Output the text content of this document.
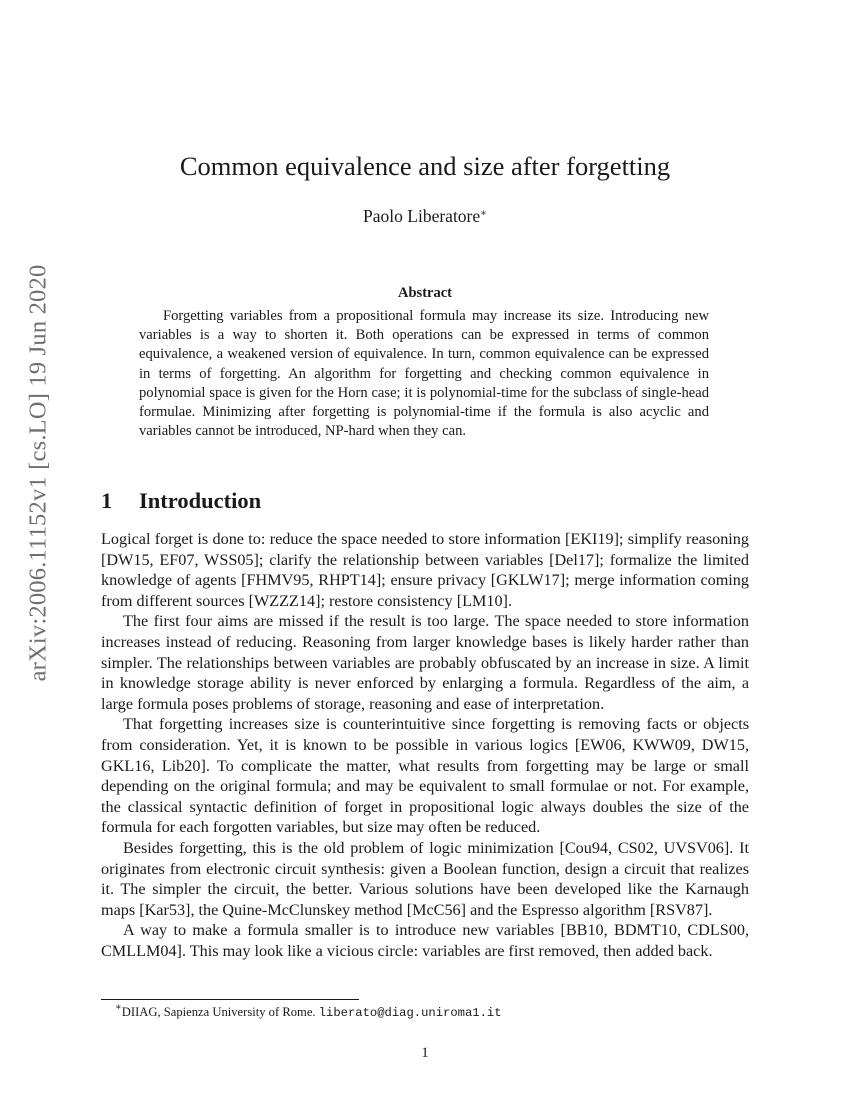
arXiv:2006.11152v1 [cs.LO] 19 Jun 2020
Common equivalence and size after forgetting
Paolo Liberatore∗
Abstract

Forgetting variables from a propositional formula may increase its size. Introducing new variables is a way to shorten it. Both operations can be expressed in terms of common equivalence, a weakened version of equivalence. In turn, common equivalence can be expressed in terms of forgetting. An algorithm for forgetting and checking common equivalence in polynomial space is given for the Horn case; it is polynomial-time for the subclass of single-head formulae. Minimizing after forgetting is polynomial-time if the formula is also acyclic and variables cannot be introduced, NP-hard when they can.

1 Introduction

Logical forget is done to: reduce the space needed to store information [EKI19]; simplify reasoning [DW15, EF07, WSS05]; clarify the relationship between variables [Del17]; formalize the limited knowledge of agents [FHMV95, RHPT14]; ensure privacy [GKLW17]; merge information coming from different sources [WZZZ14]; restore consistency [LM10].

The first four aims are missed if the result is too large. The space needed to store information increases instead of reducing. Reasoning from larger knowledge bases is likely harder rather than simpler. The relationships between variables are probably obfuscated by an increase in size. A limit in knowledge storage ability is never enforced by enlarging a formula. Regardless of the aim, a large formula poses problems of storage, reasoning and ease of interpretation.

That forgetting increases size is counterintuitive since forgetting is removing facts or objects from consideration. Yet, it is known to be possible in various logics [EW06, KWW09, DW15, GKL16, Lib20]. To complicate the matter, what results from forgetting may be large or small depending on the original formula; and may be equivalent to small formulae or not. For example, the classical syntactic definition of forget in propositional logic always doubles the size of the formula for each forgotten variables, but size may often be reduced.

Besides forgetting, this is the old problem of logic minimization [Cou94, CS02, UVSV06]. It originates from electronic circuit synthesis: given a Boolean function, design a circuit that realizes it. The simpler the circuit, the better. Various solutions have been developed like the Karnaugh maps [Kar53], the Quine-McClunskey method [McC56] and the Espresso algorithm [RSV87].

A way to make a formula smaller is to introduce new variables [BB10, BDMT10, CDLS00, CMLLM04]. This may look like a vicious circle: variables are first removed, then added back.

∗DIIAG, Sapienza University of Rome. liberato@diag.uniroma1.it
1
